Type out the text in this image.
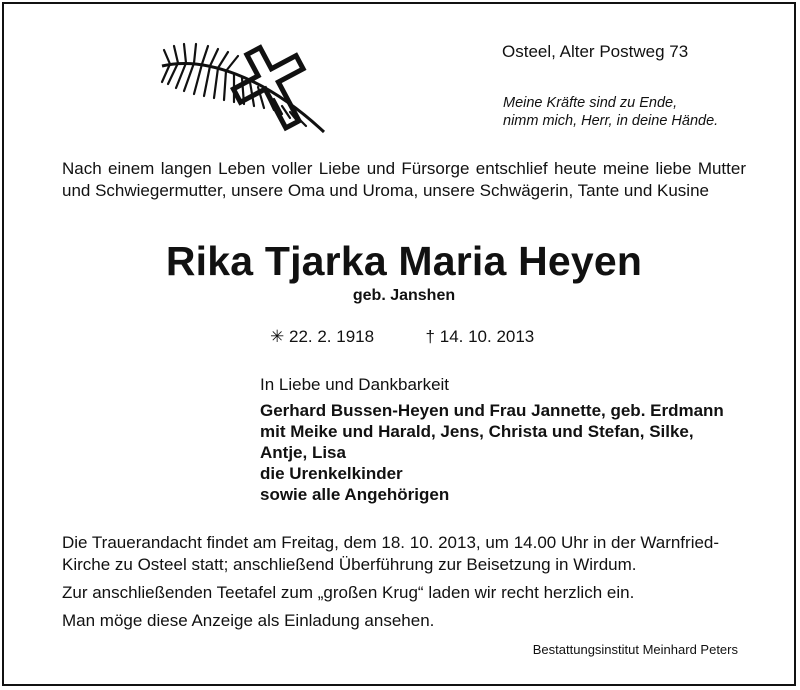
Osteel, Alter Postweg 73
Meine Kräfte sind zu Ende,
nimm mich, Herr, in deine Hände.
Nach einem langen Leben voller Liebe und Fürsorge entschlief heute meine liebe Mutter und Schwiegermutter, unsere Oma und Uroma, unsere Schwägerin, Tante und Kusine
Rika Tjarka Maria Heyen
geb. Janshen
✳ 22. 2. 1918	† 14. 10. 2013
In Liebe und Dankbarkeit
Gerhard Bussen-Heyen und Frau Jannette, geb. Erdmann
mit Meike und Harald, Jens, Christa und Stefan, Silke,
Antje, Lisa
die Urenkelkinder
sowie alle Angehörigen

Die Trauerandacht findet am Freitag, dem 18. 10. 2013, um 14.00 Uhr in der Warnfried-Kirche zu Osteel statt; anschließend Überführung zur Beisetzung in Wirdum.

Zur anschließenden Teetafel zum „großen Krug“ laden wir recht herzlich ein.

Man möge diese Anzeige als Einladung ansehen.

Bestattungsinstitut Meinhard Peters
